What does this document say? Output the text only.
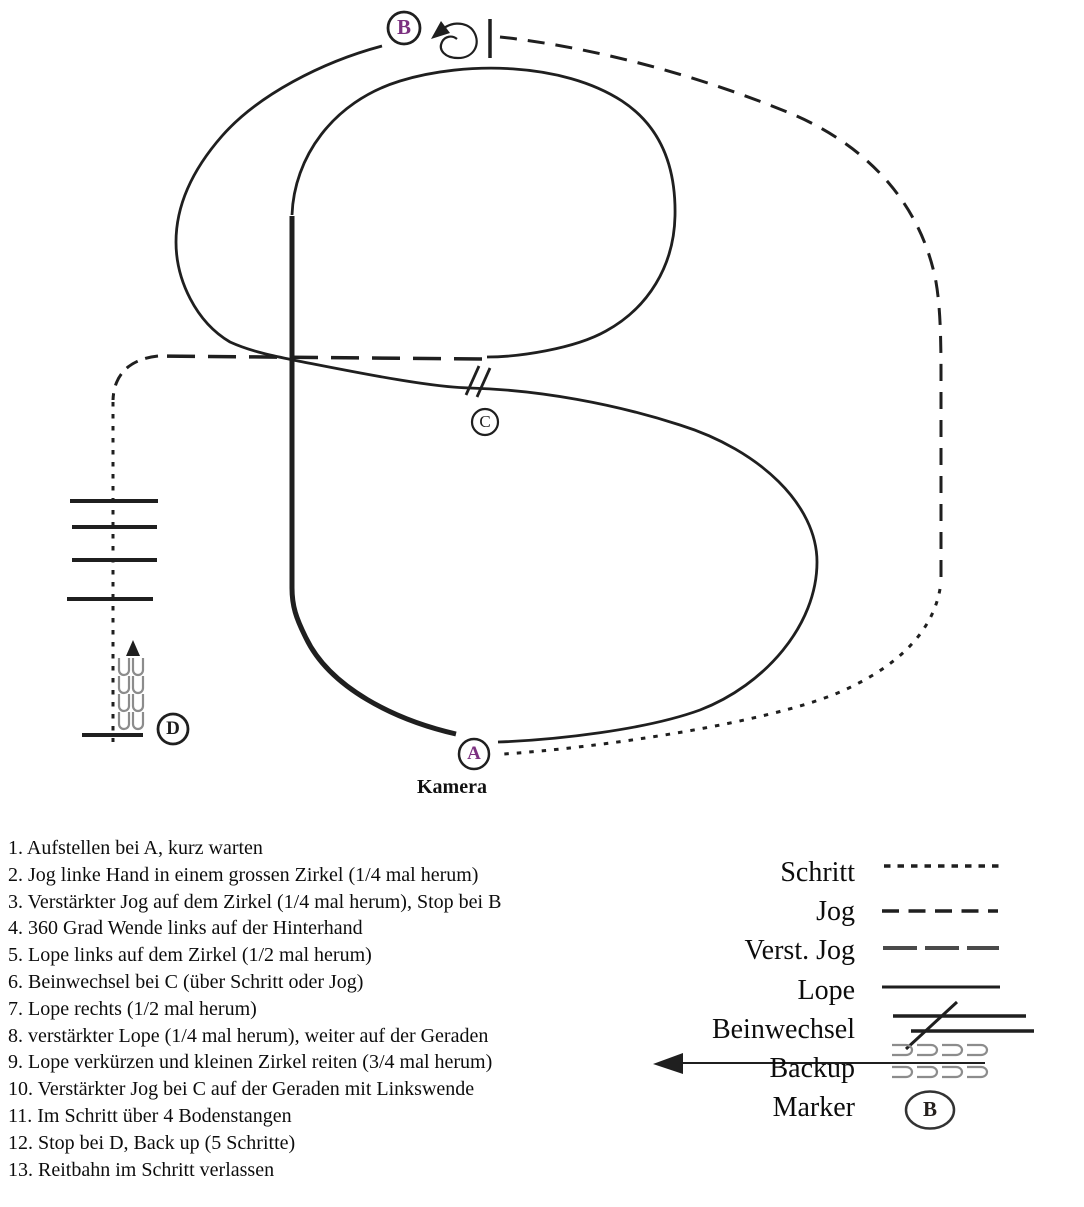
B
C
A
D
Kamera
1. Aufstellen bei A, kurz warten
2. Jog linke Hand in einem grossen Zirkel (1/4 mal herum)
3. Verstärkter Jog auf dem Zirkel (1/4 mal herum), Stop bei B
4. 360 Grad Wende links auf der Hinterhand
5. Lope links auf dem Zirkel (1/2 mal herum)
6. Beinwechsel bei C (über Schritt oder Jog)
7. Lope rechts (1/2 mal herum)
8. verstärkter Lope (1/4 mal herum), weiter auf der Geraden
9. Lope verkürzen und kleinen Zirkel reiten (3/4 mal herum)
10. Verstärkter Jog bei C auf der Geraden mit Linkswende
11. Im Schritt über 4 Bodenstangen
12. Stop bei D, Back up (5 Schritte)
13. Reitbahn im Schritt verlassen
Schritt
Jog
Verst. Jog
Lope
Beinwechsel
Backup
Marker	B
